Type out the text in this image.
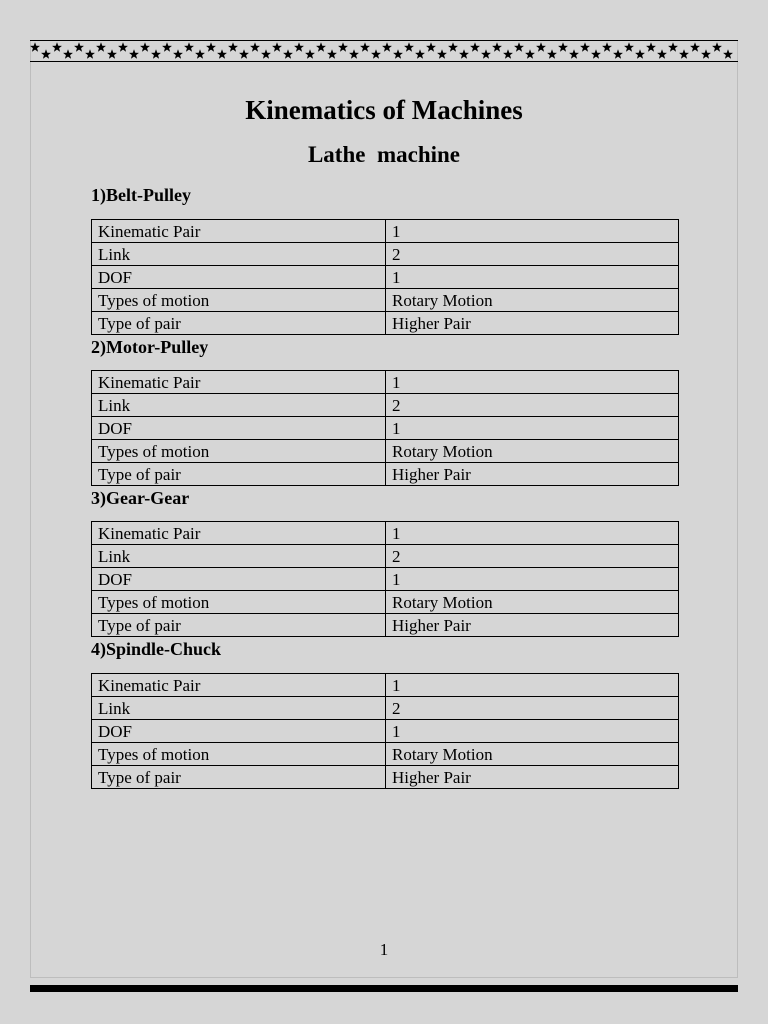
Kinematics of Machines
Lathe  machine
1)Belt-Pulley
Kinematic Pair	1
Link	2
DOF	1
Types of motion	Rotary Motion
Type of pair	Higher Pair
2)Motor-Pulley
Kinematic Pair	1
Link	2
DOF	1
Types of motion	Rotary Motion
Type of pair	Higher Pair
3)Gear-Gear
Kinematic Pair	1
Link	2
DOF	1
Types of motion	Rotary Motion
Type of pair	Higher Pair
4)Spindle-Chuck
Kinematic Pair	1
Link	2
DOF	1
Types of motion	Rotary Motion
Type of pair	Higher Pair
1
